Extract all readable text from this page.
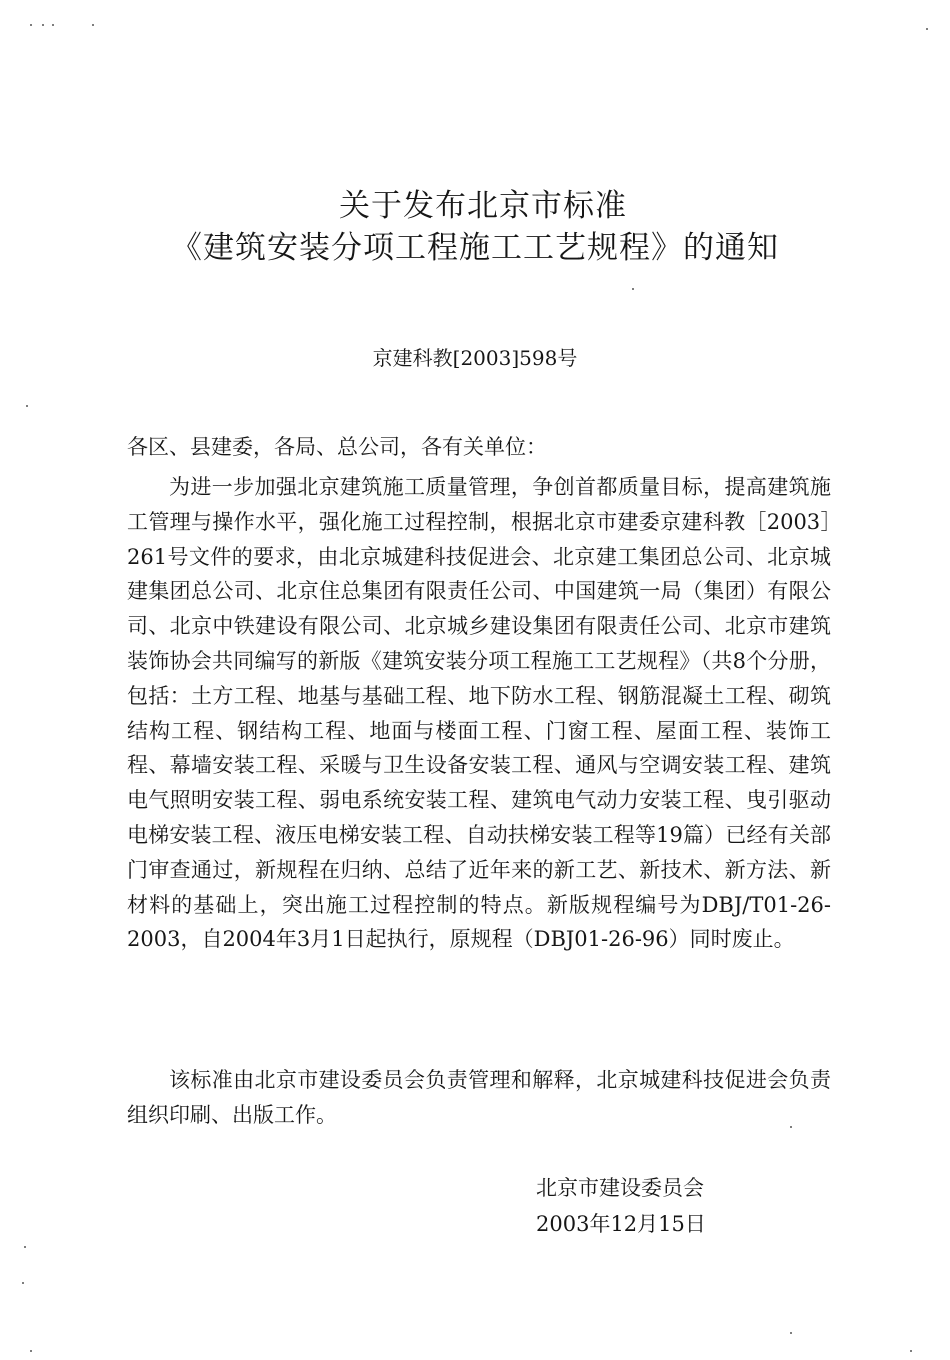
关于发布北京市标准
《建筑安装分项工程施工工艺规程》的通知
京建科教[2003]598号

各区、县建委，各局、总公司，各有关单位：

为进一步加强北京建筑施工质量管理，争创首都质量目标，提高建筑施工管理与操作水平，强化施工过程控制，根据北京市建委京建科教［2003］261号文件的要求，由北京城建科技促进会、北京建工集团总公司、北京城建集团总公司、北京住总集团有限责任公司、中国建筑一局（集团）有限公司、北京中铁建设有限公司、北京城乡建设集团有限责任公司、北京市建筑装饰协会共同编写的新版《建筑安装分项工程施工工艺规程》（共8个分册，包括：土方工程、地基与基础工程、地下防水工程、钢筋混凝土工程、砌筑结构工程、钢结构工程、地面与楼面工程、门窗工程、屋面工程、装饰工程、幕墙安装工程、采暖与卫生设备安装工程、通风与空调安装工程、建筑电气照明安装工程、弱电系统安装工程、建筑电气动力安装工程、曳引驱动电梯安装工程、液压电梯安装工程、自动扶梯安装工程等19篇）已经有关部门审查通过，新规程在归纳、总结了近年来的新工艺、新技术、新方法、新材料的基础上，突出施工过程控制的特点。新版规程编号为DBJ/T01-26-2003，自2004年3月1日起执行，原规程（DBJ01-26-96）同时废止。

该标准由北京市建设委员会负责管理和解释，北京城建科技促进会负责组织印刷、出版工作。

北京市建设委员会
2003年12月15日
